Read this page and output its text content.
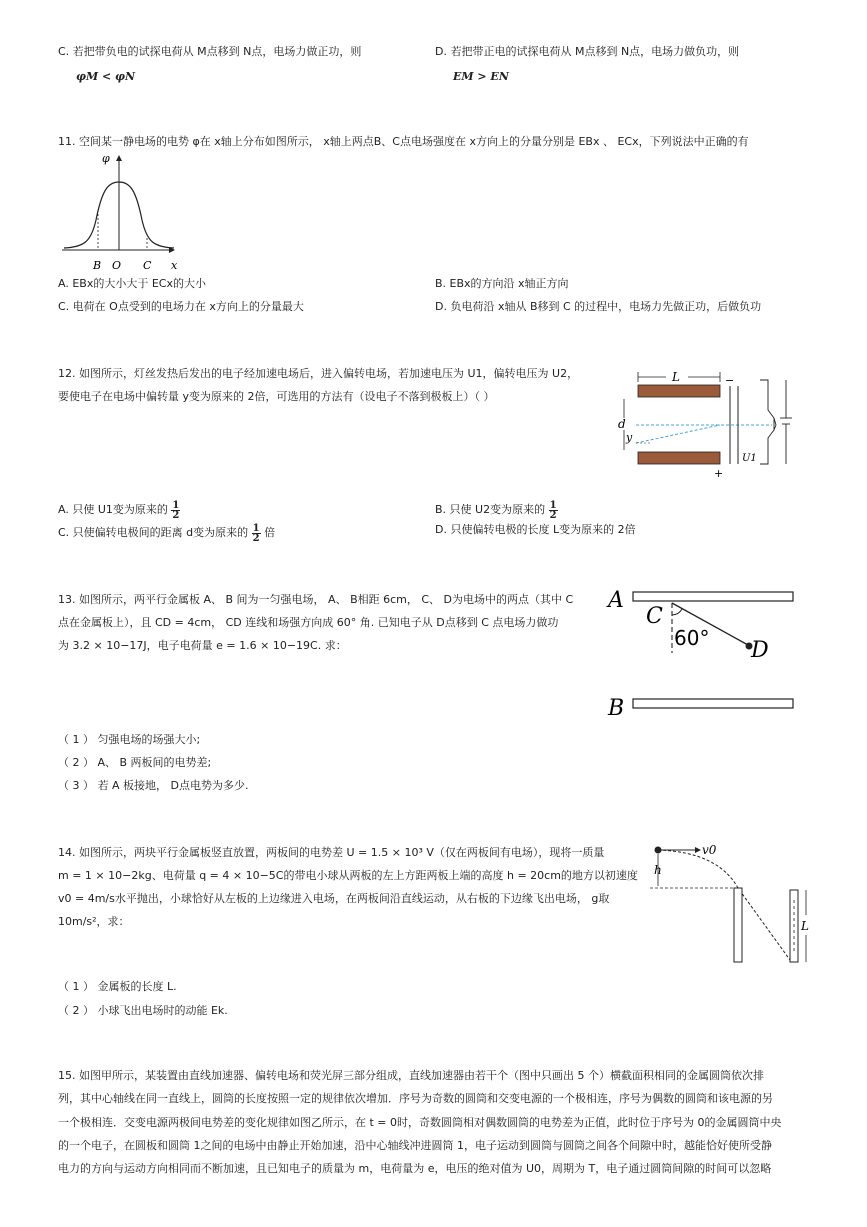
C. 若把带负电的试探电荷从 M点移到 N点，电场力做正功，则
φM < φN
D. 若把带正电的试探电荷从 M点移到 N点，电场力做负功，则
EM > EN
11. 空间某一静电场的电势 φ在 x轴上分布如图所示， x轴上两点B、C点电场强度在 x方向上的分量分别是 EBx 、 ECx，下列说法中正确的有
φ
B O C x
A. EBx的大小大于 ECx的大小	B. EBx的方向沿 x轴正方向
C. 电荷在 O点受到的电场力在 x方向上的分量最大	D. 负电荷沿 x轴从 B移到 C 的过程中，电场力先做正功，后做负功
12. 如图所示，灯丝发热后发出的电子经加速电场后，进入偏转电场，若加速电压为 U1，偏转电压为 U2，
要使电子在电场中偏转量 y变为原来的 2倍，可选用的方法有（设电子不落到极板上）（ ）
L	−
+
d
y
U1
A. 只使 U1变为原来的 $\frac{1}{2}$	B. 只使 U2变为原来的 $\frac{1}{2}$
C. 只使偏转电极间的距离 d变为原来的 $\frac{1}{2}$ 倍	D. 只使偏转电极的长度 L变为原来的 2倍
13. 如图所示，两平行金属板 A、 B 间为一匀强电场， A、 B相距 6cm， C、 D为电场中的两点（其中 C
点在金属板上），且 CD = 4cm， CD 连线和场强方向成 60° 角. 已知电子从 D点移到 C 点电场力做功
为 3.2 × 10−17J，电子电荷量 e = 1.6 × 10−19C. 求：
A
B
C
60° D
（ 1 ） 匀强电场的场强大小;
（ 2 ） A、 B 两板间的电势差;
（ 3 ） 若 A 板接地， D点电势为多少.
14. 如图所示，两块平行金属板竖直放置，两板间的电势差 U = 1.5 × 10³ V（仅在两板间有电场），现将一质量
m = 1 × 10−2kg、电荷量 q = 4 × 10−5C的带电小球从两板的左上方距两板上端的高度 h = 20cm的地方以初速度
v0 = 4m/s水平抛出，小球恰好从左板的上边缘进入电场，在两板间沿直线运动，从右板的下边缘飞出电场， g取
10m/s²，求：
v0
h
L
（ 1 ） 金属板的长度 L.
（ 2 ） 小球飞出电场时的动能 Ek.
15. 如图甲所示，某装置由直线加速器、偏转电场和荧光屏三部分组成，直线加速器由若干个（图中只画出 5 个）横截面积相同的金属圆筒依次排
列，其中心轴线在同一直线上，圆筒的长度按照一定的规律依次增加．序号为奇数的圆筒和交变电源的一个极相连，序号为偶数的圆筒和该电源的另
一个极相连．交变电源两极间电势差的变化规律如图乙所示，在 t = 0时，奇数圆筒相对偶数圆筒的电势差为正值，此时位于序号为 0的金属圆筒中央
的一个电子，在圆板和圆筒 1之间的电场中由静止开始加速，沿中心轴线冲进圆筒 1，电子运动到圆筒与圆筒之间各个间隙中时，越能恰好使所受静
电力的方向与运动方向相同而不断加速，且已知电子的质量为 m，电荷量为 e，电压的绝对值为 U0，周期为 T，电子通过圆筒间隙的时间可以忽略
